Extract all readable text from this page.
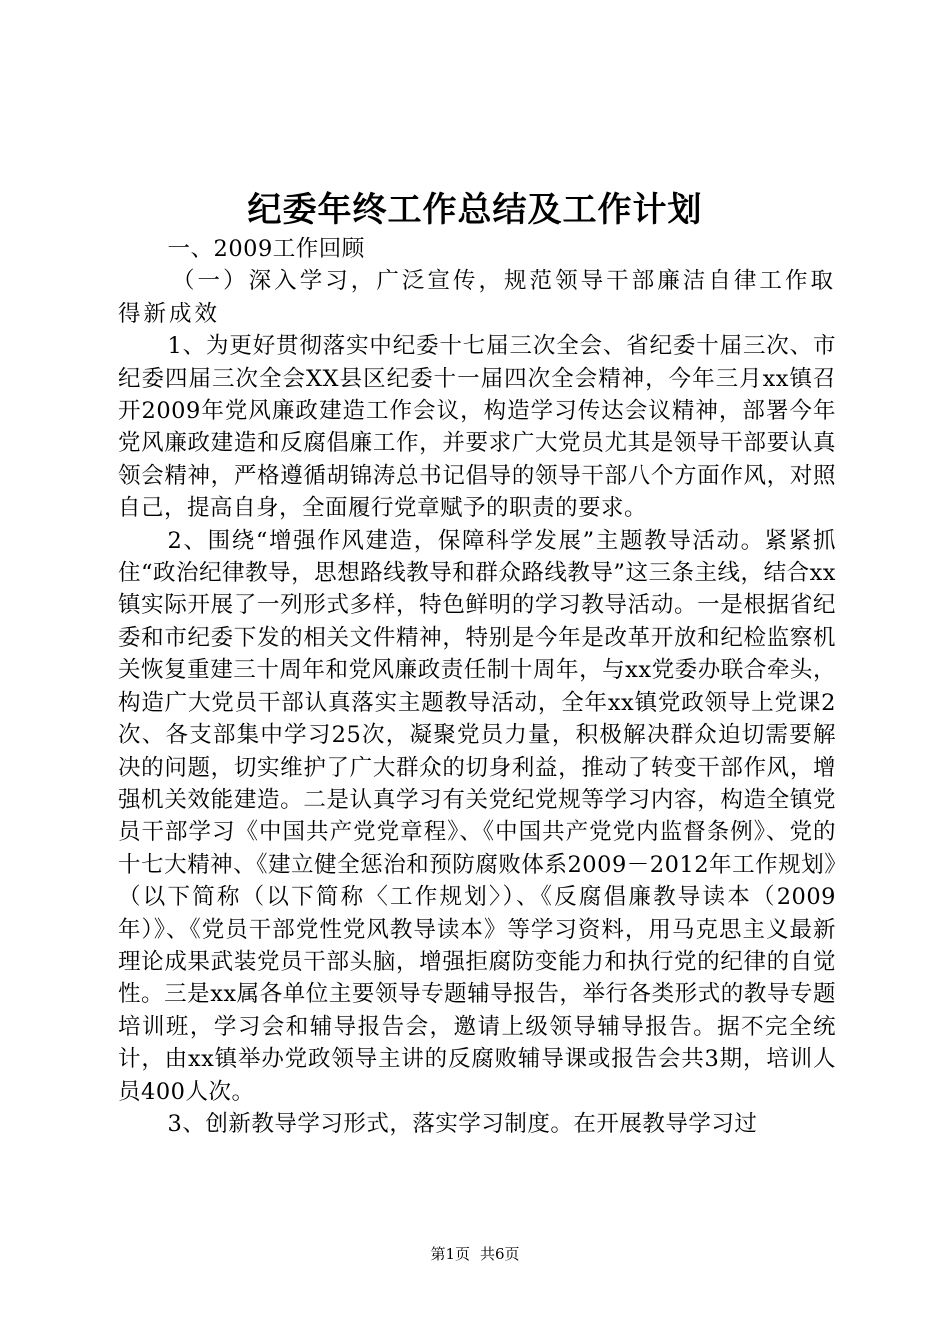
纪委年终工作总结及工作计划

一、2009工作回顾

（一）深入学习，广泛宣传，规范领导干部廉洁自律工作取得新成效

1、为更好贯彻落实中纪委十七届三次全会、省纪委十届三次、市纪委四届三次全会XX县区纪委十一届四次全会精神，今年三月xx镇召开2009年党风廉政建造工作会议，构造学习传达会议精神，部署今年党风廉政建造和反腐倡廉工作，并要求广大党员尤其是领导干部要认真领会精神，严格遵循胡锦涛总书记倡导的领导干部八个方面作风，对照自己，提高自身，全面履行党章赋予的职责的要求。

2、围绕“增强作风建造，保障科学发展”主题教导活动。紧紧抓住“政治纪律教导，思想路线教导和群众路线教导”这三条主线，结合xx镇实际开展了一列形式多样，特色鲜明的学习教导活动。一是根据省纪委和市纪委下发的相关文件精神，特别是今年是改革开放和纪检监察机关恢复重建三十周年和党风廉政责任制十周年，与xx党委办联合牵头，构造广大党员干部认真落实主题教导活动，全年xx镇党政领导上党课2次、各支部集中学习25次，凝聚党员力量，积极解决群众迫切需要解决的问题，切实维护了广大群众的切身利益，推动了转变干部作风，增强机关效能建造。二是认真学习有关党纪党规等学习内容，构造全镇党员干部学习《中国共产党党章程》、《中国共产党党内监督条例》、党的十七大精神、《建立健全惩治和预防腐败体系2009－2012年工作规划》（以下简称（以下简称〈工作规划〉）、《反腐倡廉教导读本（2009年）》、《党员干部党性党风教导读本》等学习资料，用马克思主义最新理论成果武装党员干部头脑，增强拒腐防变能力和执行党的纪律的自觉性。三是xx属各单位主要领导专题辅导报告，举行各类形式的教导专题培训班，学习会和辅导报告会，邀请上级领导辅导报告。据不完全统计，由xx镇举办党政领导主讲的反腐败辅导课或报告会共3期，培训人员400人次。

3、创新教导学习形式，落实学习制度。在开展教导学习过

第1页 共6页
